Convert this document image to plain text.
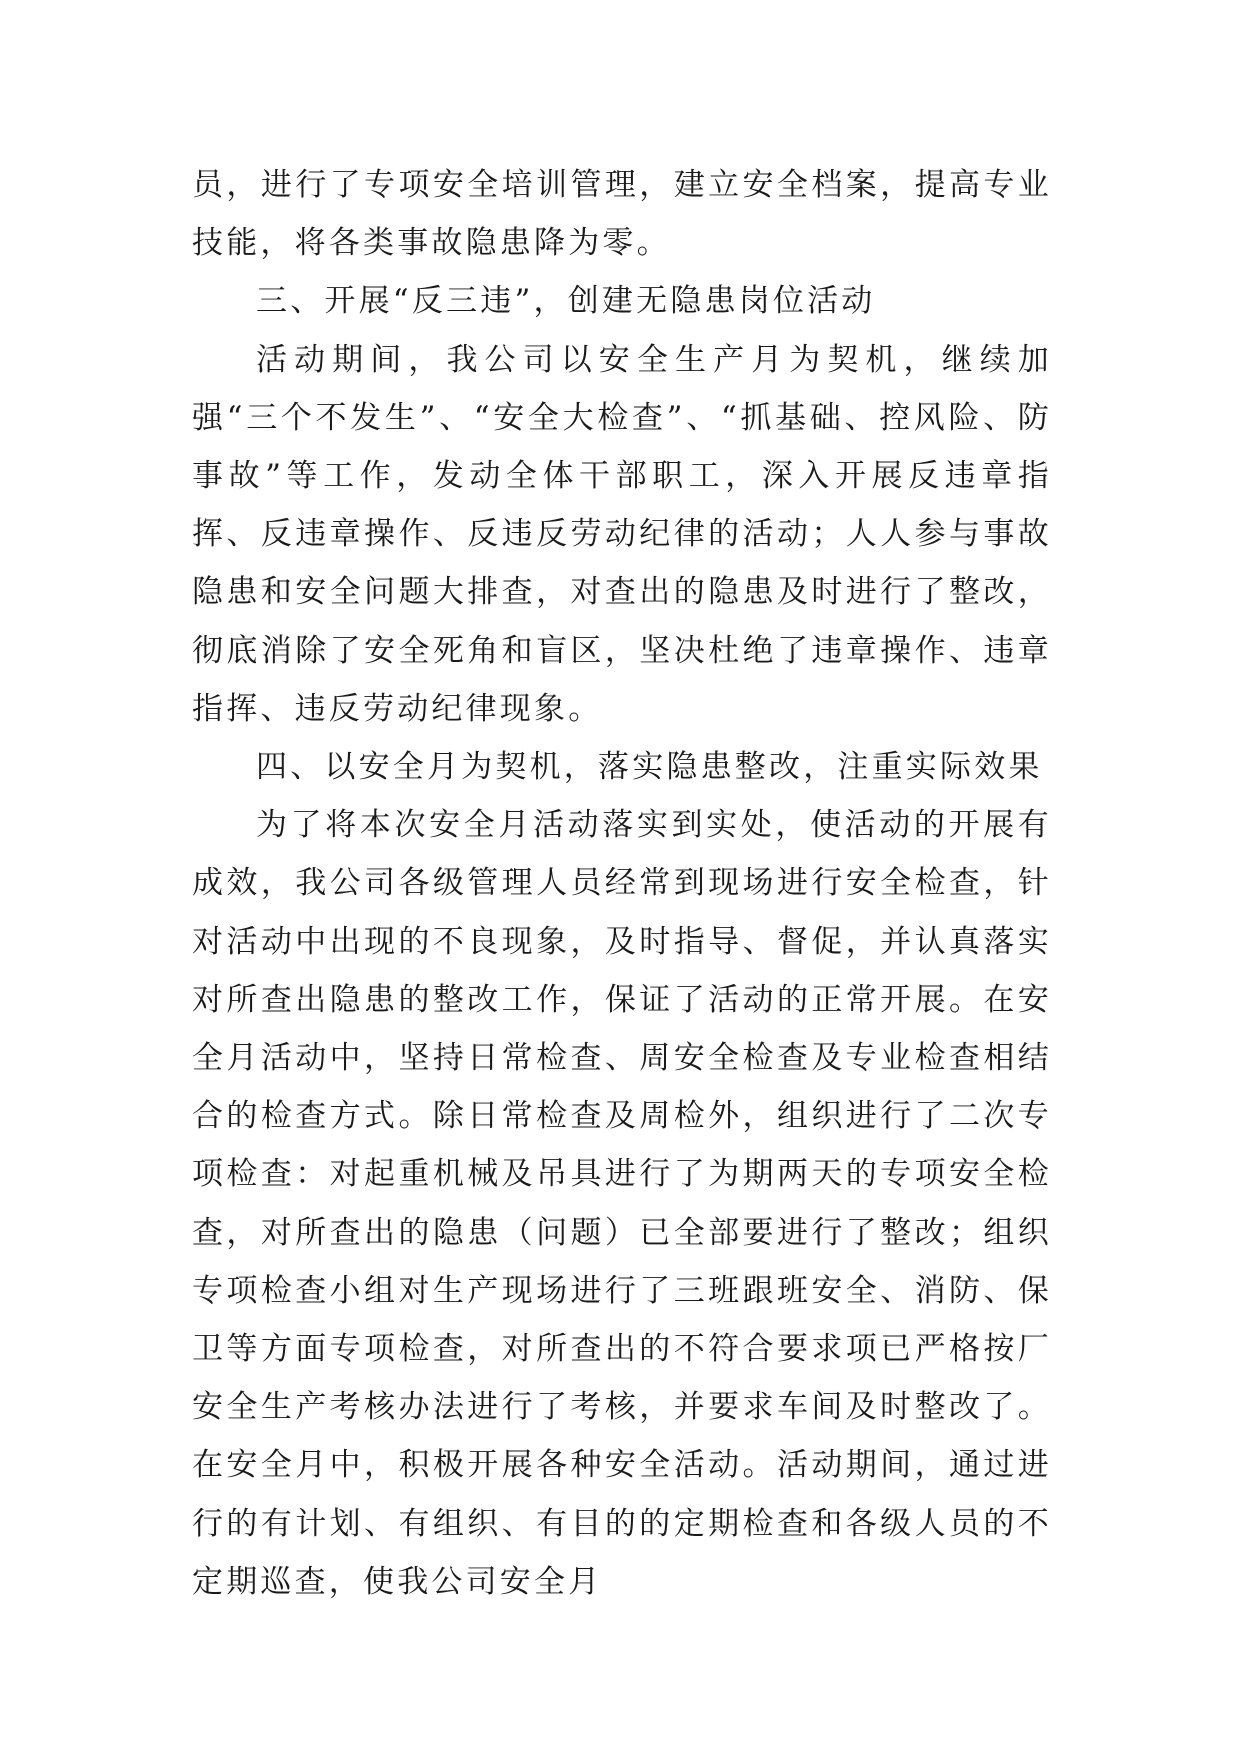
员，进行了专项安全培训管理，建立安全档案，提高专业技能，将各类事故隐患降为零。

三、开展“反三违”，创建无隐患岗位活动

活动期间，我公司以安全生产月为契机，继续加强“三个不发生”、“安全大检查”、“抓基础、控风险、防事故”等工作，发动全体干部职工，深入开展反违章指挥、反违章操作、反违反劳动纪律的活动；人人参与事故隐患和安全问题大排查，对查出的隐患及时进行了整改，彻底消除了安全死角和盲区，坚决杜绝了违章操作、违章指挥、违反劳动纪律现象。

四、以安全月为契机，落实隐患整改，注重实际效果

为了将本次安全月活动落实到实处，使活动的开展有成效，我公司各级管理人员经常到现场进行安全检查，针对活动中出现的不良现象，及时指导、督促，并认真落实对所查出隐患的整改工作，保证了活动的正常开展。在安全月活动中，坚持日常检查、周安全检查及专业检查相结合的检查方式。除日常检查及周检外，组织进行了二次专项检查：对起重机械及吊具进行了为期两天的专项安全检查，对所查出的隐患（问题）已全部要进行了整改；组织专项检查小组对生产现场进行了三班跟班安全、消防、保卫等方面专项检查，对所查出的不符合要求项已严格按厂安全生产考核办法进行了考核，并要求车间及时整改了。在安全月中，积极开展各种安全活动。活动期间，通过进行的有计划、有组织、有目的的定期检查和各级人员的不定期巡查，使我公司安全月
